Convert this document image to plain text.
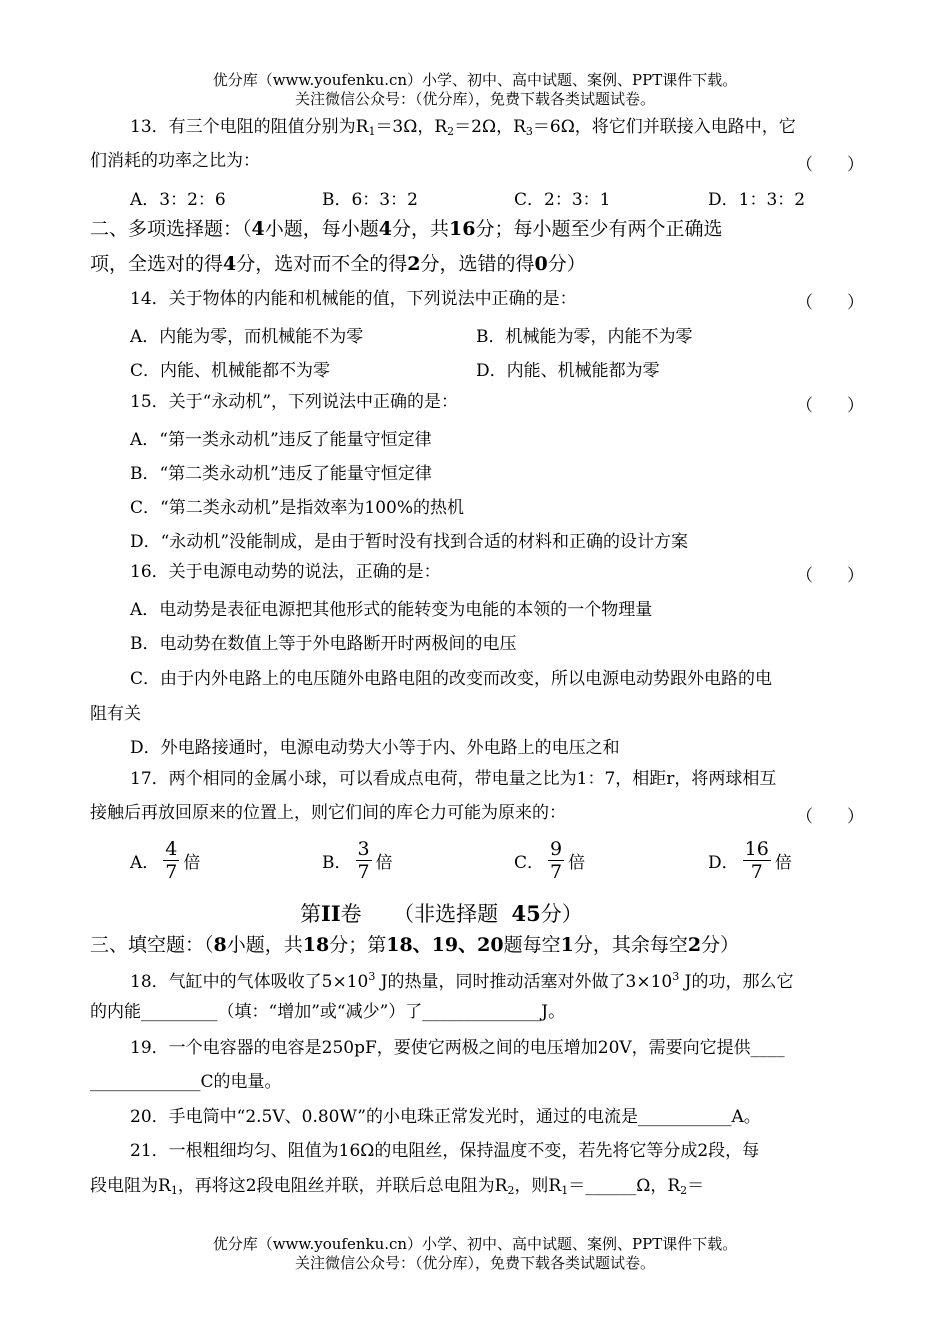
优分库（www.youfenku.cn）小学、初中、高中试题、案例、PPT课件下载。
关注微信公众号：（优分库），免费下载各类试题试卷。
13．有三个电阻的阻值分别为$R_1=3\Omega$，$R_2=2\Omega$，$R_3=6\Omega$，将它们并联接入电路中，它
们消耗的功率之比为：	（　　）
A．3：2：6	B．6：3：2	C．2：3：1	D．1：3：2
二、多项选择题：（4小题，每小题4分，共16分；每小题至少有两个正确选
项，全选对的得4分，选对而不全的得2分，选错的得0分）
14．关于物体的内能和机械能的值，下列说法中正确的是：	（　　）
A．内能为零，而机械能不为零	B．机械能为零，内能不为零
C．内能、机械能都不为零	D．内能、机械能都为零
15．关于“永动机”，下列说法中正确的是：	（　　）
A．“第一类永动机”违反了能量守恒定律
B．“第二类永动机”违反了能量守恒定律
C．“第二类永动机”是指效率为100%的热机
D．“永动机”没能制成，是由于暂时没有找到合适的材料和正确的设计方案
16．关于电源电动势的说法，正确的是：	（　　）
A．电动势是表征电源把其他形式的能转变为电能的本领的一个物理量
B．电动势在数值上等于外电路断开时两极间的电压
C．由于内外电路上的电压随外电路电阻的改变而改变，所以电源电动势跟外电路的电
阻有关
D．外电路接通时，电源电动势大小等于内、外电路上的电压之和
17．两个相同的金属小球，可以看成点电荷，带电量之比为1：7，相距r，将两球相互
接触后再放回原来的位置上，则它们间的库仑力可能为原来的：	（　　）
A． $\frac{4}{7}$ 倍	B． $\frac{3}{7}$ 倍	C． $\frac{9}{7}$ 倍	D． $\frac{16}{7}$ 倍
第II卷　　（非选择题 45分）
三、填空题：（8小题，共18分；第18、19、20题每空1分，其余每空2分）
18．气缸中的气体吸收了$5\times 10^3$ J的热量，同时推动活塞对外做了$3\times 10^3$ J的功，那么它
的内能_________（填：“增加”或“减少”）了______________J。
19．一个电容器的电容是250pF，要使它两极之间的电压增加20V，需要向它提供____
_____________C的电量。
20．手电筒中“2.5V、0.80W”的小电珠正常发光时，通过的电流是___________A。
21．一根粗细均匀、阻值为16Ω的电阻丝，保持温度不变，若先将它等分成2段，每
段电阻为$R_1$，再将这2段电阻丝并联，并联后总电阻为$R_2$，则$R_1=\_\_\_\_\_\_\Omega$，$R_2=$
优分库（www.youfenku.cn）小学、初中、高中试题、案例、PPT课件下载。
关注微信公众号：（优分库），免费下载各类试题试卷。
